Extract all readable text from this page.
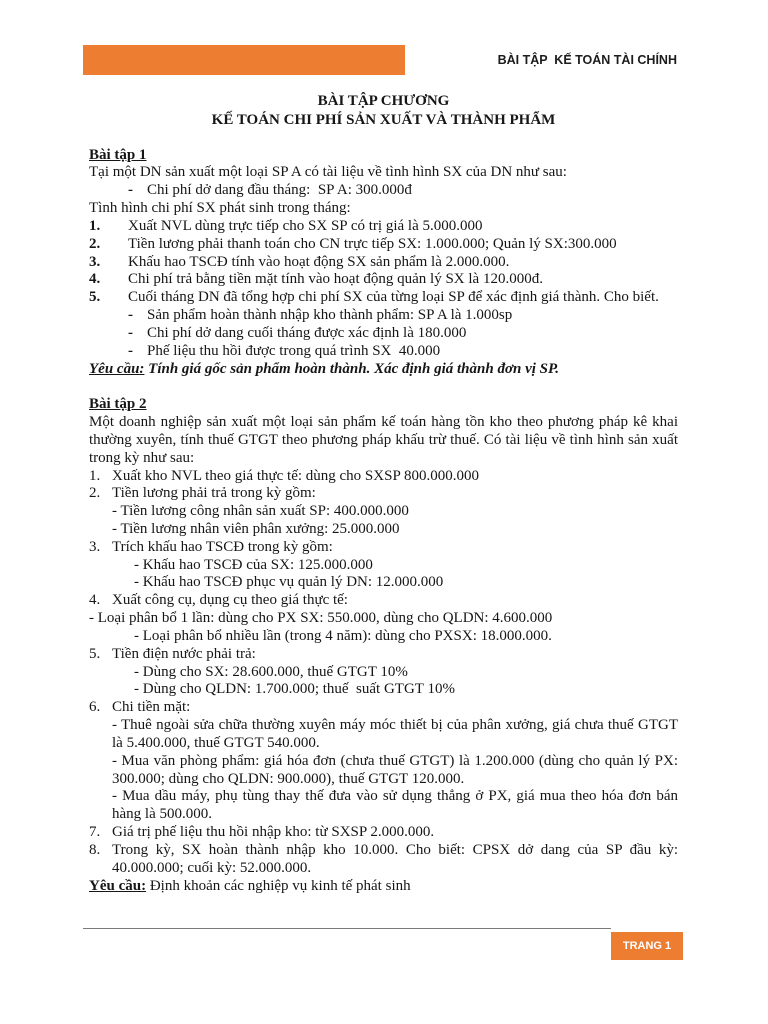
BÀI TẬP  KẾ TOÁN TÀI CHÍNH
BÀI TẬP CHƯƠNG
KẾ TOÁN CHI PHÍ SẢN XUẤT VÀ THÀNH PHẨM
Bài tập 1
Tại một DN sản xuất một loại SP A có tài liệu về tình hình SX của DN như sau:
- Chi phí dở dang đầu tháng:  SP A: 300.000đ
Tình hình chi phí SX phát sinh trong tháng:
1. Xuất NVL dùng trực tiếp cho SX SP có trị giá là 5.000.000
2. Tiền lương phải thanh toán cho CN trực tiếp SX: 1.000.000; Quản lý SX:300.000
3. Khấu hao TSCĐ tính vào hoạt động SX sản phẩm là 2.000.000.
4. Chi phí trả bằng tiền mặt tính vào hoạt động quản lý SX là 120.000đ.
5. Cuối tháng DN đã tổng hợp chi phí SX của từng loại SP để xác định giá thành. Cho biết.
- Sản phẩm hoàn thành nhập kho thành phẩm: SP A là 1.000sp
- Chi phí dở dang cuối tháng được xác định là 180.000
- Phế liệu thu hồi được trong quá trình SX  40.000
Yêu cầu: Tính giá gốc sản phẩm hoàn thành. Xác định giá thành đơn vị SP.
Bài tập 2
Một doanh nghiệp sản xuất một loại sản phẩm kế toán hàng tồn kho theo phương pháp kê khai
thường xuyên, tính thuế GTGT theo phương pháp khấu trừ thuế. Có tài liệu về tình hình sản xuất
trong kỳ như sau:
1. Xuất kho NVL theo giá thực tế: dùng cho SXSP 800.000.000
2. Tiền lương phải trả trong kỳ gồm:
- Tiền lương công nhân sản xuất SP: 400.000.000
- Tiền lương nhân viên phân xưởng: 25.000.000
3. Trích khấu hao TSCĐ trong kỳ gồm:
- Khấu hao TSCĐ của SX: 125.000.000
- Khấu hao TSCĐ phục vụ quản lý DN: 12.000.000
4. Xuất công cụ, dụng cụ theo giá thực tế:
- Loại phân bổ 1 lần: dùng cho PX SX: 550.000, dùng cho QLDN: 4.600.000
- Loại phân bổ nhiều lần (trong 4 năm): dùng cho PXSX: 18.000.000.
5. Tiền điện nước phải trả:
- Dùng cho SX: 28.600.000, thuế GTGT 10%
- Dùng cho QLDN: 1.700.000; thuế  suất GTGT 10%
6. Chi tiền mặt:
- Thuê ngoài sửa chữa thường xuyên máy móc thiết bị của phân xưởng, giá chưa thuế GTGT
là 5.400.000, thuế GTGT 540.000.
- Mua văn phòng phẩm: giá hóa đơn (chưa thuế GTGT) là 1.200.000 (dùng cho quản lý PX:
300.000; dùng cho QLDN: 900.000), thuế GTGT 120.000.
- Mua dầu máy, phụ tùng thay thế đưa vào sử dụng thẳng ở PX, giá mua theo hóa đơn bán
hàng là 500.000.
7. Giá trị phế liệu thu hồi nhập kho: từ SXSP 2.000.000.
8. Trong kỳ, SX hoàn thành nhập kho 10.000. Cho biết: CPSX dở dang của SP đầu kỳ:
40.000.000; cuối kỳ: 52.000.000.
Yêu cầu: Định khoản các nghiệp vụ kinh tế phát sinh
TRANG 1
